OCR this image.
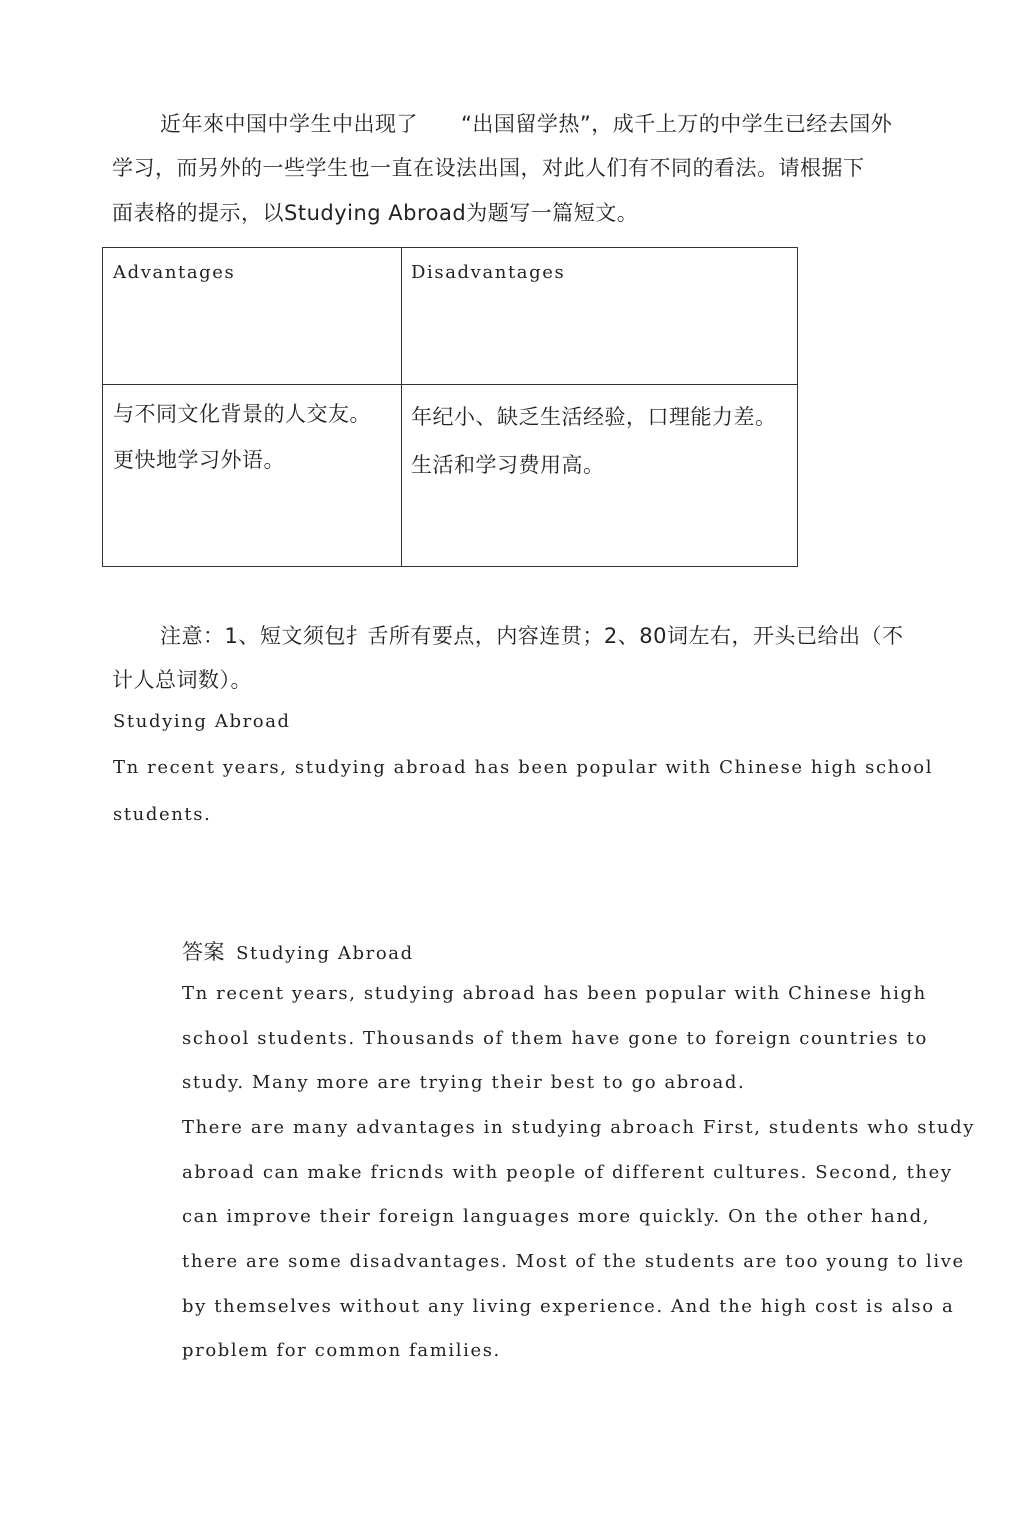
近年來中国中学生中出现了　　“出国留学热”，成千上万的中学生已经去国外
学习，而另外的一些学生也一直在设法出国，对此人们有不同的看法。请根据下
面表格的提示，以Studying Abroad为题写一篇短文。
Advantages	Disadvantages
与不同文化背景的人交友。
更快地学习外语。
年纪小、缺乏生活经验，口理能力差。
生活和学习费用高。
注意：1、短文须包扌舌所有要点，内容连贯；2、80词左右，开头已给出（不
计人总词数）。
Studying Abroad
Tn recent years, studying abroad has been popular with Chinese high school
students.
答案 Studying Abroad
Tn recent years, studying abroad has been popular with Chinese high
school students. Thousands of them have gone to foreign countries to
study. Many more are trying their best to go abroad.
There are many advantages in studying abroach First, students who study
abroad can make fricnds with people of different cultures. Second, they
can improve their foreign languages more quickly. On the other hand,
there are some disadvantages. Most of the students are too young to live
by themselves without any living experience. And the high cost is also a
problem for common families.
